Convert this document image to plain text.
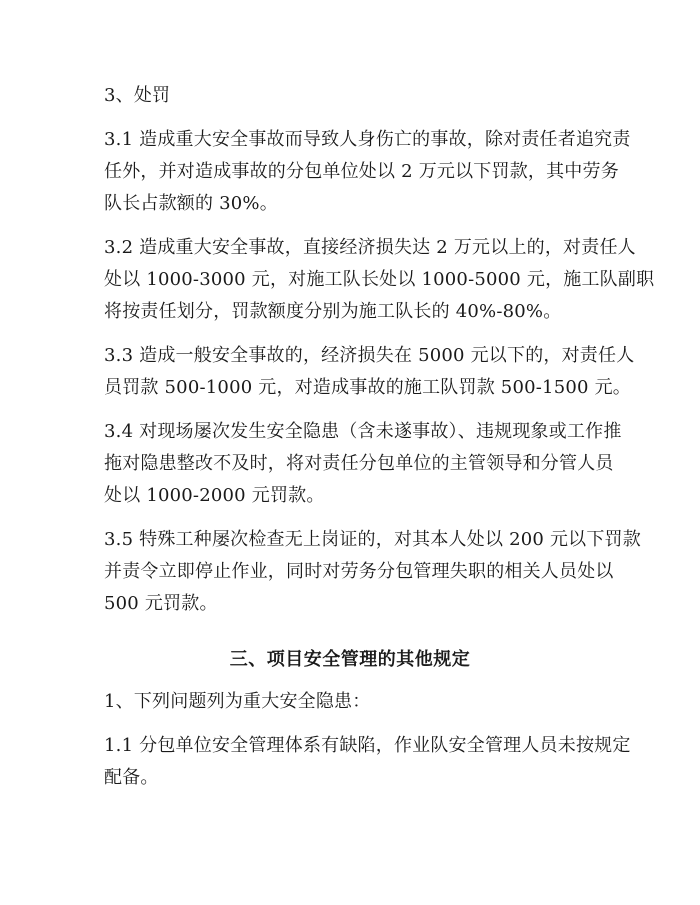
3、处罚
3.1 造成重大安全事故而导致人身伤亡的事故，除对责任者追究责
任外，并对造成事故的分包单位处以 2 万元以下罚款，其中劳务
队长占款额的 30%。
3.2 造成重大安全事故，直接经济损失达 2 万元以上的，对责任人
处以 1000-3000 元，对施工队长处以 1000-5000 元，施工队副职
将按责任划分，罚款额度分别为施工队长的 40%-80%。
3.3 造成一般安全事故的，经济损失在 5000 元以下的，对责任人
员罚款 500-1000 元，对造成事故的施工队罚款 500-1500 元。
3.4 对现场屡次发生安全隐患（含未遂事故）、违规现象或工作推
拖对隐患整改不及时，将对责任分包单位的主管领导和分管人员
处以 1000-2000 元罚款。
3.5 特殊工种屡次检查无上岗证的，对其本人处以 200 元以下罚款
并责令立即停止作业，同时对劳务分包管理失职的相关人员处以
500 元罚款。
三、项目安全管理的其他规定
1、下列问题列为重大安全隐患：
1.1 分包单位安全管理体系有缺陷，作业队安全管理人员未按规定
配备。
